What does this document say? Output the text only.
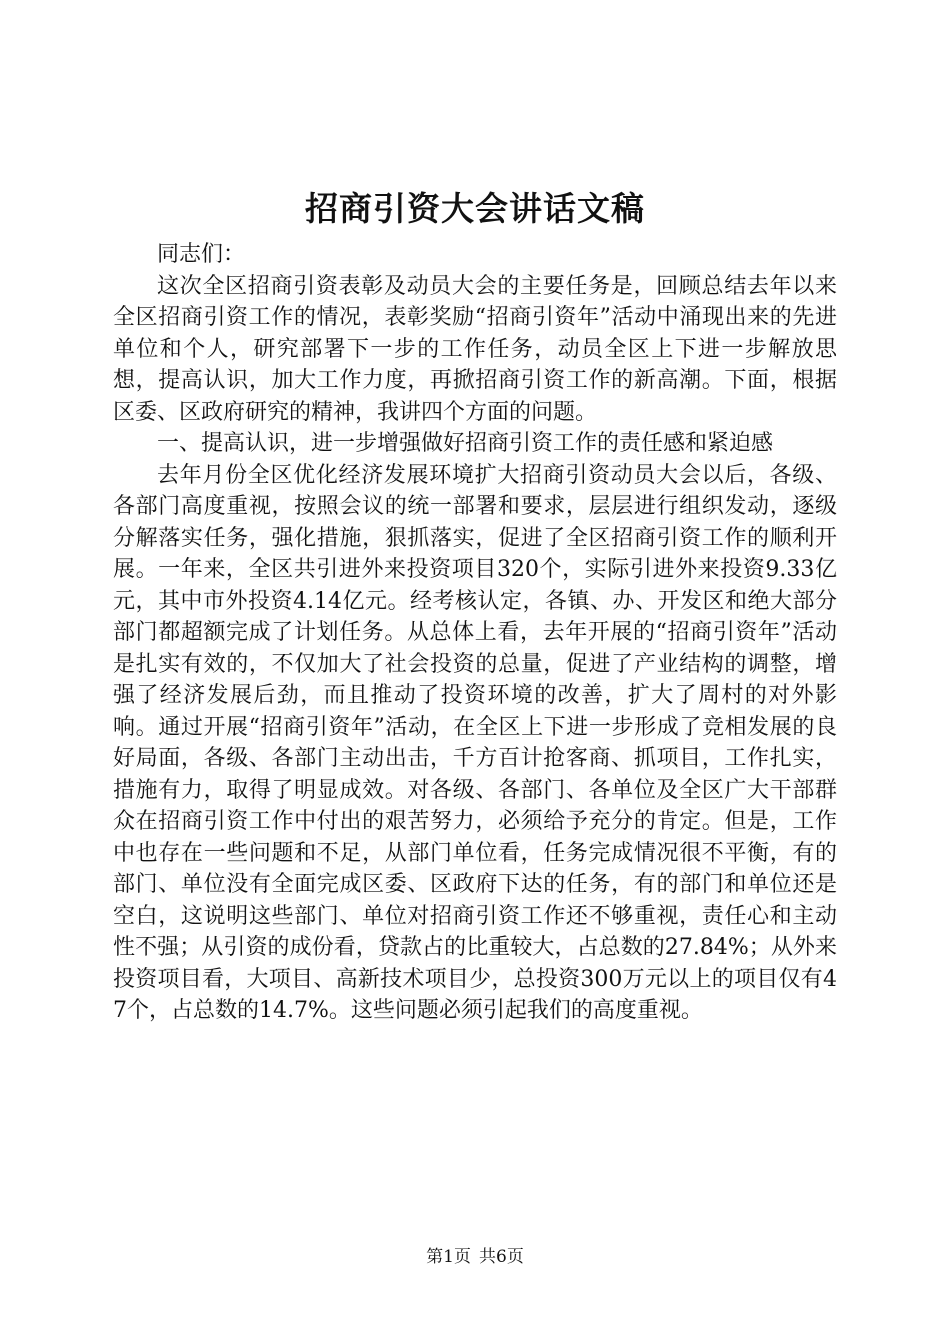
招商引资大会讲话文稿

同志们：

这次全区招商引资表彰及动员大会的主要任务是，回顾总结去年以来全区招商引资工作的情况，表彰奖励“招商引资年”活动中涌现出来的先进单位和个人，研究部署下一步的工作任务，动员全区上下进一步解放思想，提高认识，加大工作力度，再掀招商引资工作的新高潮。下面，根据区委、区政府研究的精神，我讲四个方面的问题。

一、提高认识，进一步增强做好招商引资工作的责任感和紧迫感

去年月份全区优化经济发展环境扩大招商引资动员大会以后，各级、各部门高度重视，按照会议的统一部署和要求，层层进行组织发动，逐级分解落实任务，强化措施，狠抓落实，促进了全区招商引资工作的顺利开展。一年来，全区共引进外来投资项目320个，实际引进外来投资9.33亿元，其中市外投资4.14亿元。经考核认定，各镇、办、开发区和绝大部分部门都超额完成了计划任务。从总体上看，去年开展的“招商引资年”活动是扎实有效的，不仅加大了社会投资的总量，促进了产业结构的调整，增强了经济发展后劲，而且推动了投资环境的改善，扩大了周村的对外影响。通过开展“招商引资年”活动，在全区上下进一步形成了竞相发展的良好局面，各级、各部门主动出击，千方百计抢客商、抓项目，工作扎实，措施有力，取得了明显成效。对各级、各部门、各单位及全区广大干部群众在招商引资工作中付出的艰苦努力，必须给予充分的肯定。但是，工作中也存在一些问题和不足，从部门单位看，任务完成情况很不平衡，有的部门、单位没有全面完成区委、区政府下达的任务，有的部门和单位还是空白，这说明这些部门、单位对招商引资工作还不够重视，责任心和主动性不强；从引资的成份看，贷款占的比重较大，占总数的27.84%；从外来投资项目看，大项目、高新技术项目少，总投资300万元以上的项目仅有47个，占总数的14.7%。这些问题必须引起我们的高度重视。

第1页 共6页
